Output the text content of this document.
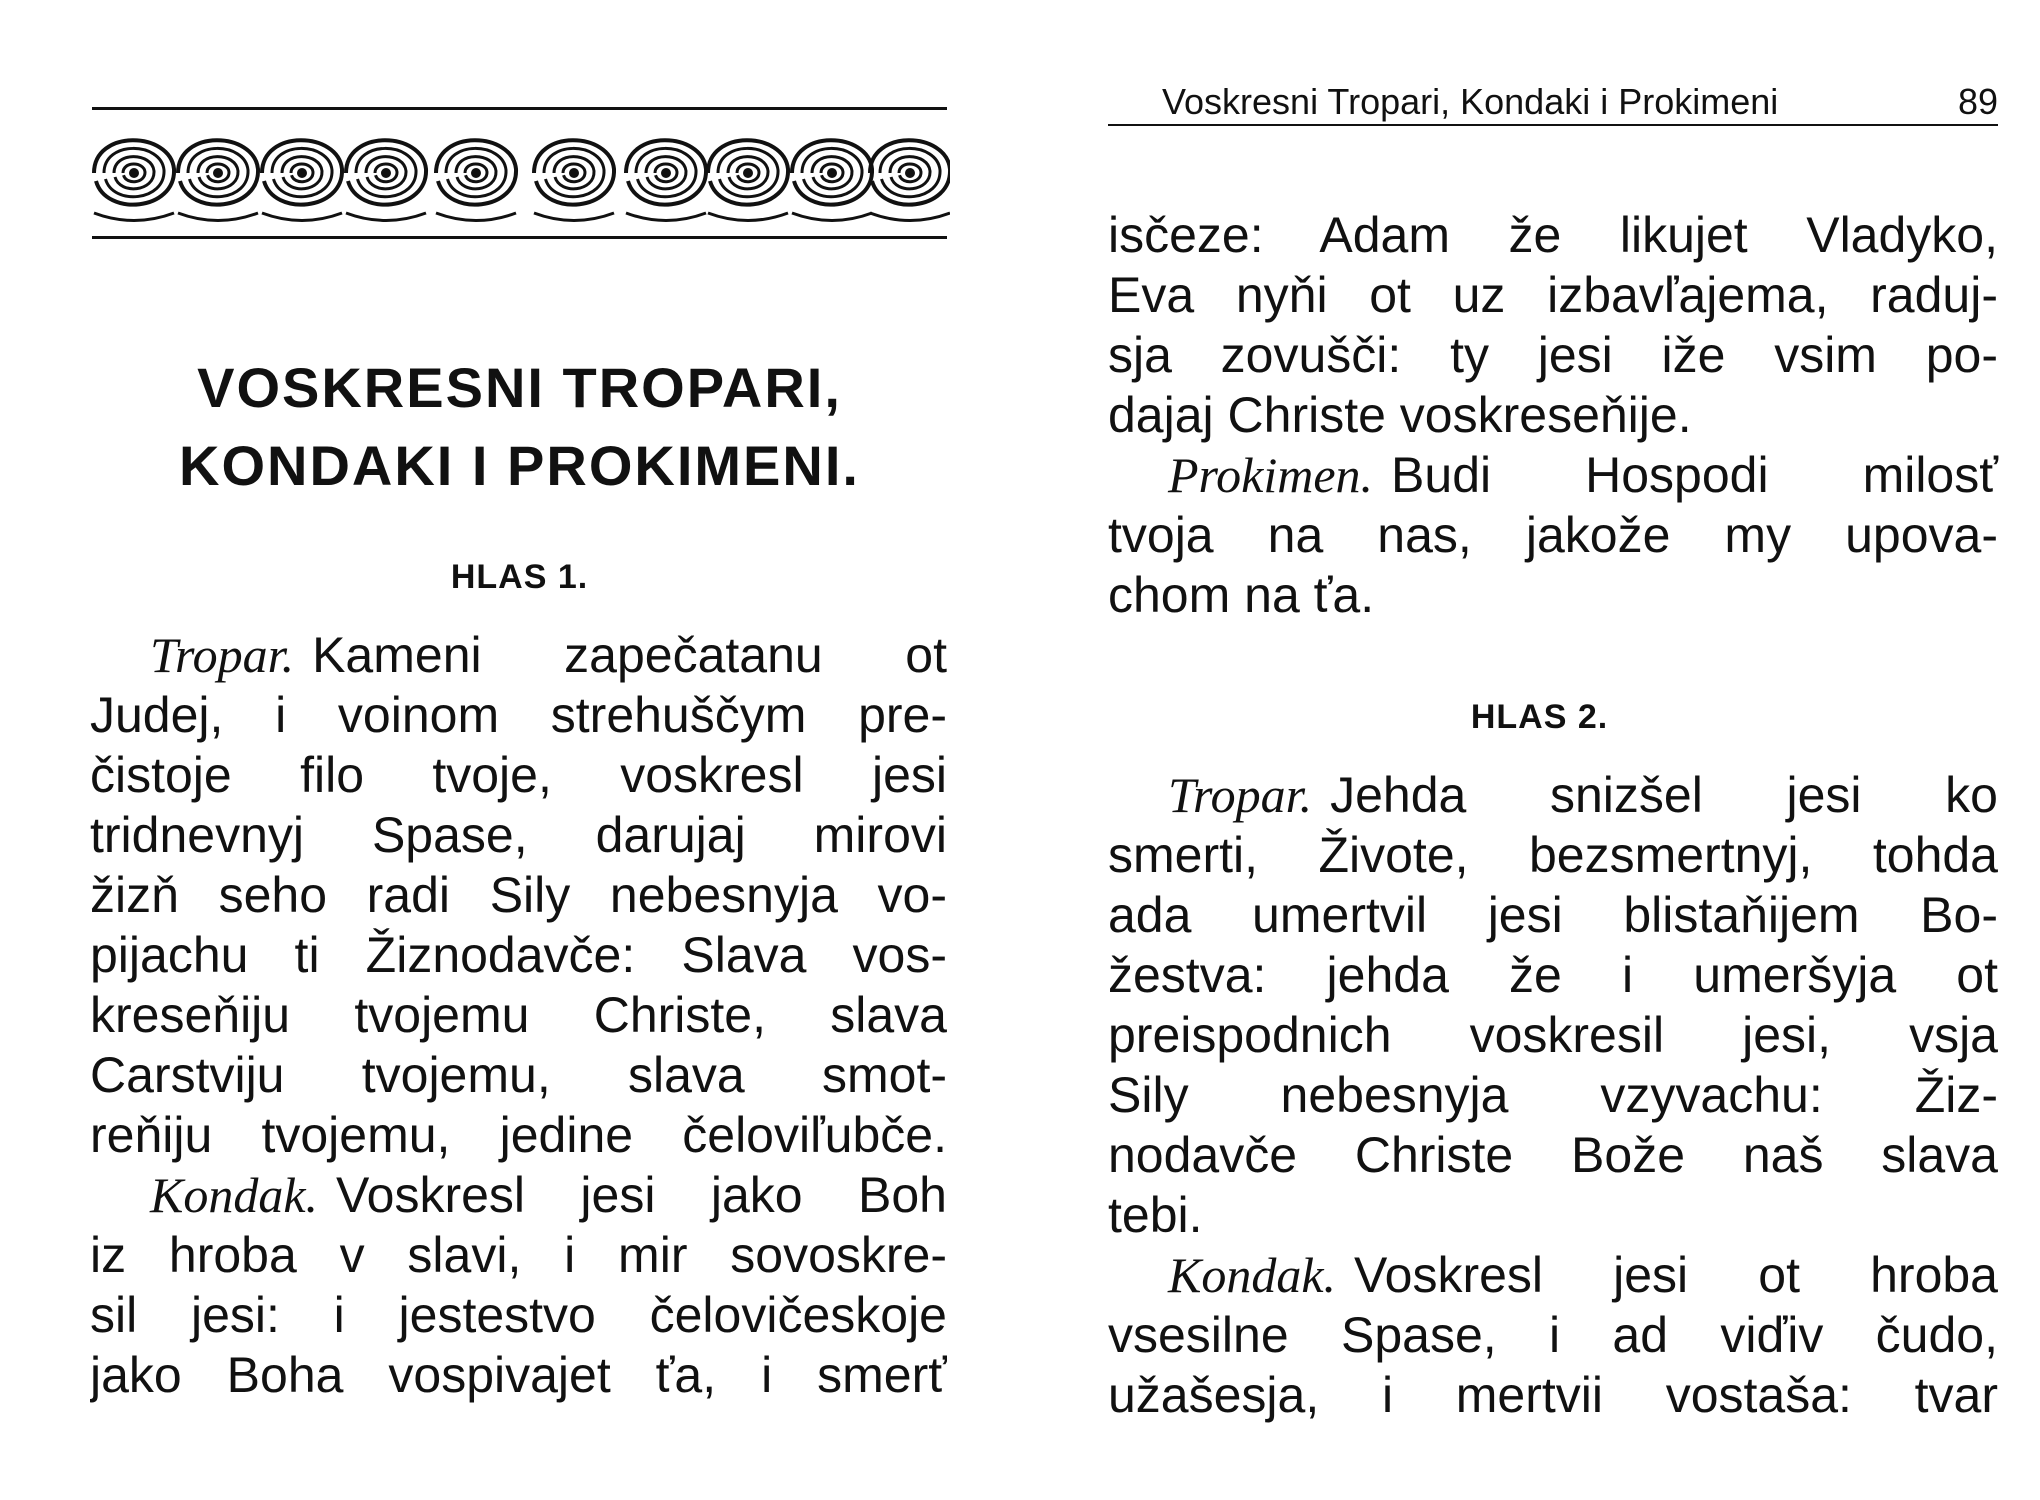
VOSKRESNI TROPARI,
KONDAKI I PROKIMENI.
HLAS 1.

Tropar. Kameni zapečatanu ot

Judej, i voinom strehuščym pre-

čistoje filo tvoje, voskresl jesi

tridnevnyj Spase, darujaj mirovi

žizň seho radi Sily nebesnyja vo-

pijachu ti Žiznodavče: Slava vos-

kreseňiju tvojemu Christe, slava

Carstviju tvojemu, slava smot-

reňiju tvojemu, jedine čeloviľubče.

Kondak. Voskresl jesi jako Boh

iz hroba v slavi, i mir sovoskre-

sil jesi: i jestestvo čelovičeskoje

jako Boha vospivajet ťa, i smerť

Voskresni Tropari, Kondaki i Prokimeni	89

isčeze: Adam že likujet Vladyko,

Eva nyňi ot uz izbavľajema, raduj-

sja zovušči: ty jesi iže vsim po-

dajaj Christe voskreseňije.

Prokimen. Budi Hospodi milosť

tvoja na nas, jakože my upova-

chom na ťa.

HLAS 2.

Tropar. Jehda snizšel jesi ko

smerti, Živote, bezsmertnyj, tohda

ada umertvil jesi blistaňijem Bo-

žestva: jehda že i umeršyja ot

preispodnich voskresil jesi, vsja

Sily nebesnyja vzyvachu: Žiz-

nodavče Christe Bože naš slava

tebi.

Kondak. Voskresl jesi ot hroba

vsesilne Spase, i ad viďiv čudo,

užašesja, i mertvii vostaša: tvar
